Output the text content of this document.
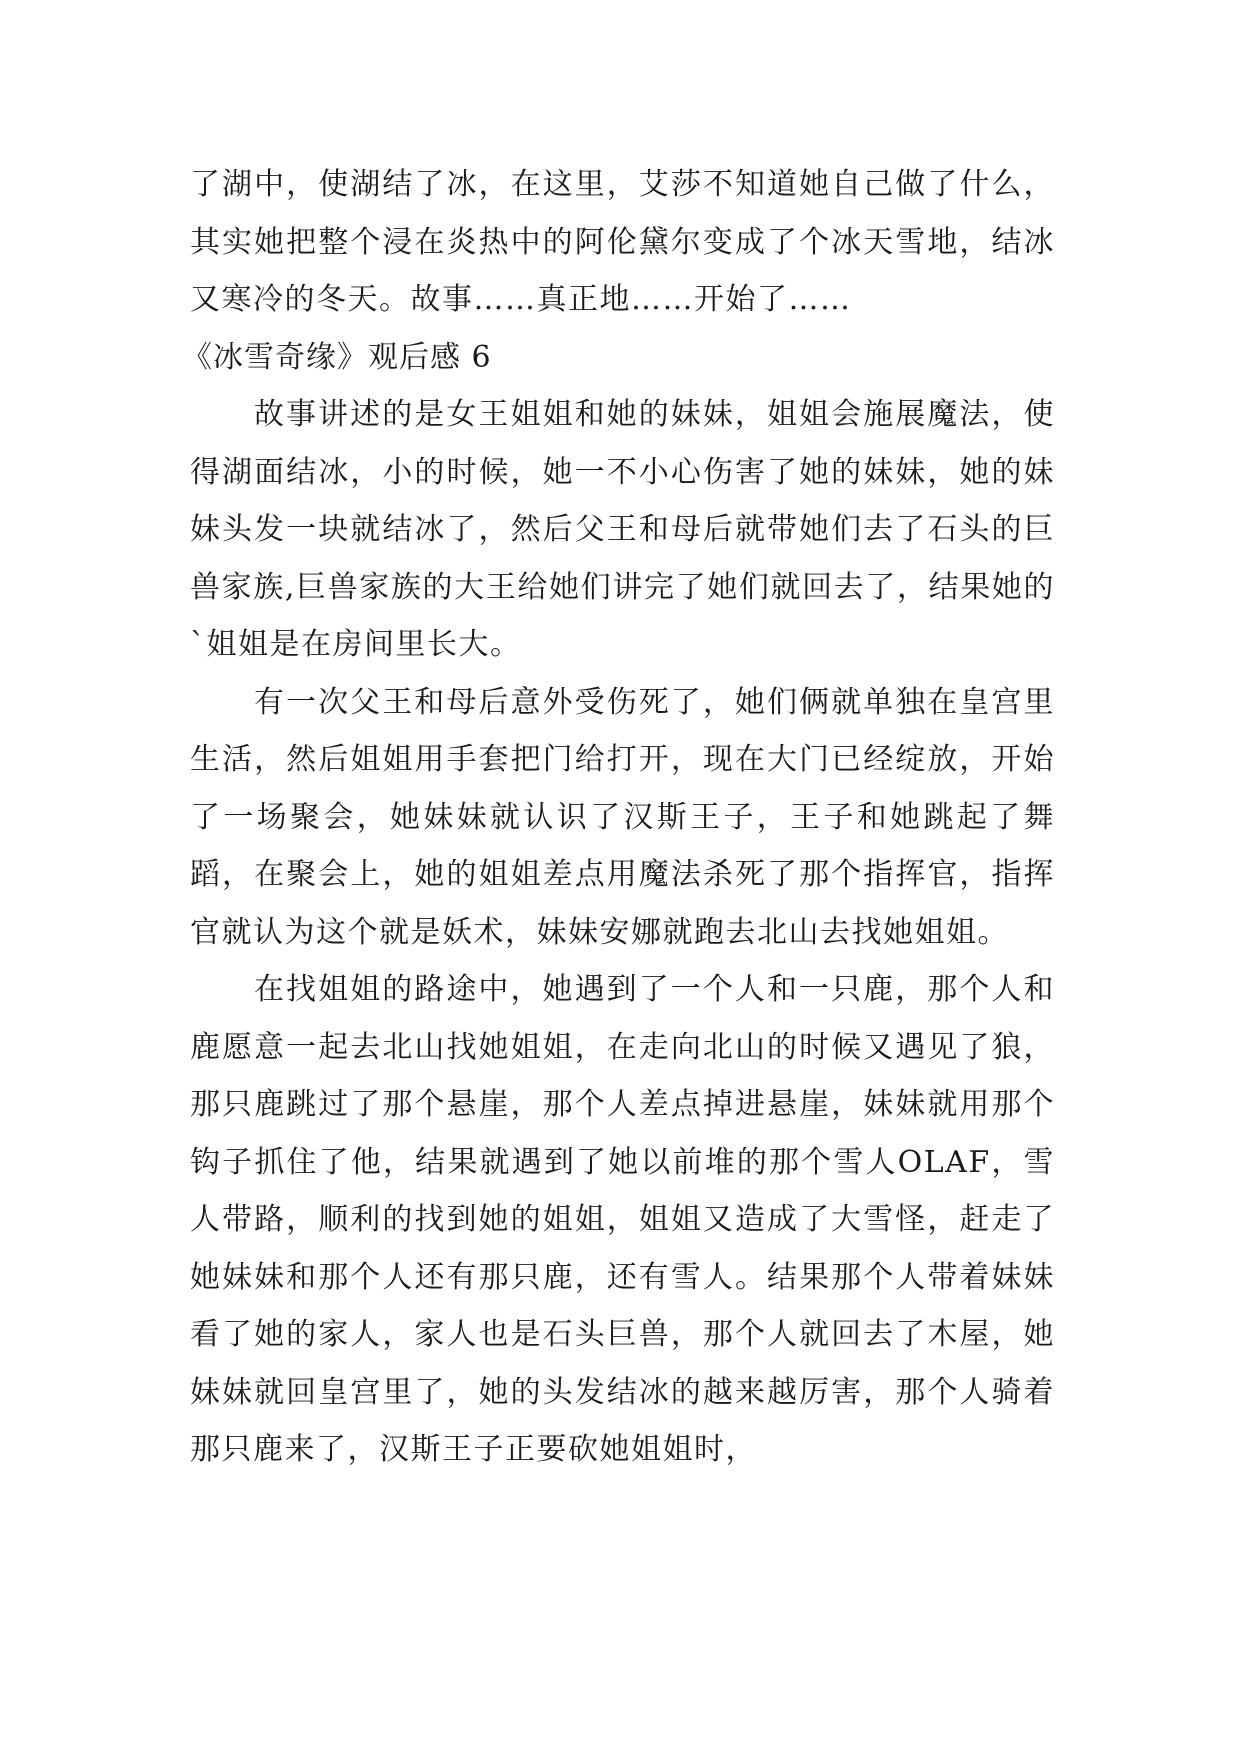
了湖中，使湖结了冰，在这里，艾莎不知道她自己做了什么，其实她把整个浸在炎热中的阿伦黛尔变成了个冰天雪地，结冰又寒冷的冬天。故事……真正地……开始了……

《冰雪奇缘》观后感 6

故事讲述的是女王姐姐和她的妹妹，姐姐会施展魔法，使得湖面结冰，小的时候，她一不小心伤害了她的妹妹，她的妹妹头发一块就结冰了，然后父王和母后就带她们去了石头的巨兽家族,巨兽家族的大王给她们讲完了她们就回去了，结果她的`姐姐是在房间里长大。

有一次父王和母后意外受伤死了，她们俩就单独在皇宫里生活，然后姐姐用手套把门给打开，现在大门已经绽放，开始了一场聚会，她妹妹就认识了汉斯王子，王子和她跳起了舞蹈，在聚会上，她的姐姐差点用魔法杀死了那个指挥官，指挥官就认为这个就是妖术，妹妹安娜就跑去北山去找她姐姐。

在找姐姐的路途中，她遇到了一个人和一只鹿，那个人和鹿愿意一起去北山找她姐姐，在走向北山的时候又遇见了狼，那只鹿跳过了那个悬崖，那个人差点掉进悬崖，妹妹就用那个钩子抓住了他，结果就遇到了她以前堆的那个雪人OLAF，雪人带路，顺利的找到她的姐姐，姐姐又造成了大雪怪，赶走了她妹妹和那个人还有那只鹿，还有雪人。结果那个人带着妹妹看了她的家人，家人也是石头巨兽，那个人就回去了木屋，她妹妹就回皇宫里了，她的头发结冰的越来越厉害，那个人骑着那只鹿来了，汉斯王子正要砍她姐姐时，
